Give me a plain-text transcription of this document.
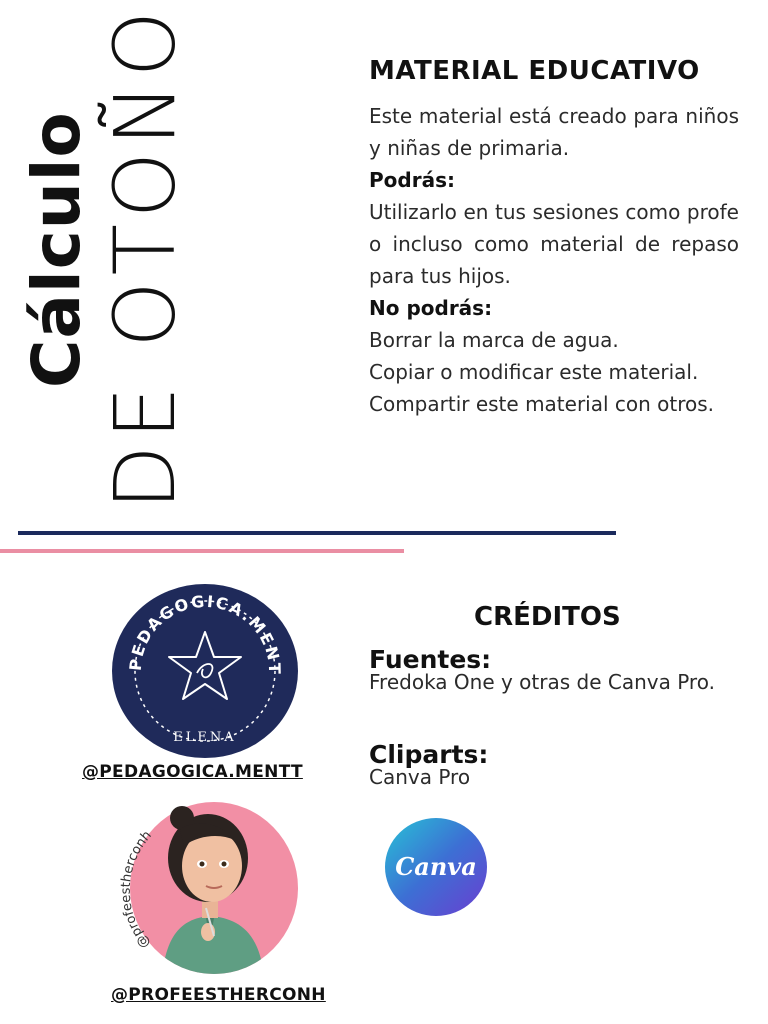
Cálculo DE OTOÑO	MATERIAL EDUCATIVO

Este material está creado para niños y niñas de primaria.

Podrás:

Utilizarlo en tus sesiones como profe o incluso como material de repaso para tus hijos.

No podrás:

Borrar la marca de agua.

Copiar o modificar este material.

Compartir este material con otros.

PEDAGOGICA.MENT
ELENA
@PEDAGOGICA.MENTT
@profeestherconh
@PROFEESTHERCONH
CRÉDITOS
Fuentes:
Fredoka One y otras de Canva Pro.
Cliparts:
Canva Pro
Canva
